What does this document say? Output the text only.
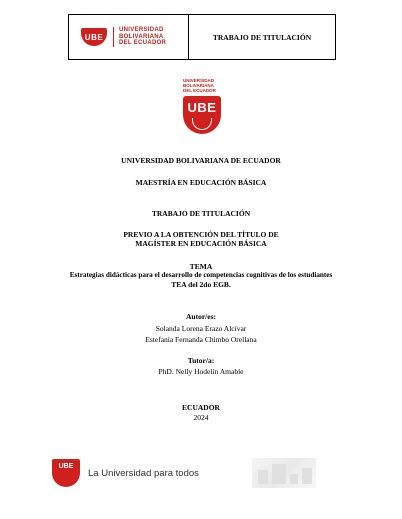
UBE
UNIVERSIDAD
BOLIVARIANA
DEL ECUADOR
TRABAJO DE TITULACIÓN
UNIVERSIDAD
BOLIVARIANA
DEL ECUADOR
UBE
UNIVERSIDAD BOLIVARIANA DE ECUADOR
MAESTRÍA EN EDUCACIÓN BÁSICA
TRABAJO DE TITULACIÓN
PREVIO A LA OBTENCIÓN DEL TÍTULO DE
MAGÍSTER EN EDUCACIÓN BÁSICA
TEMA
Estrategias didácticas para el desarrollo de competencias cognitivas de los estudiantes
TEA del 2do EGB.
Autor/es:
Solanda Lorena Erazo Alcívar
Estefanía Fernanda Chimbo Orellana
Tutor/a:
PhD. Nelly Hodelín Amable
ECUADOR
2024
UBE
La Universidad para todos
